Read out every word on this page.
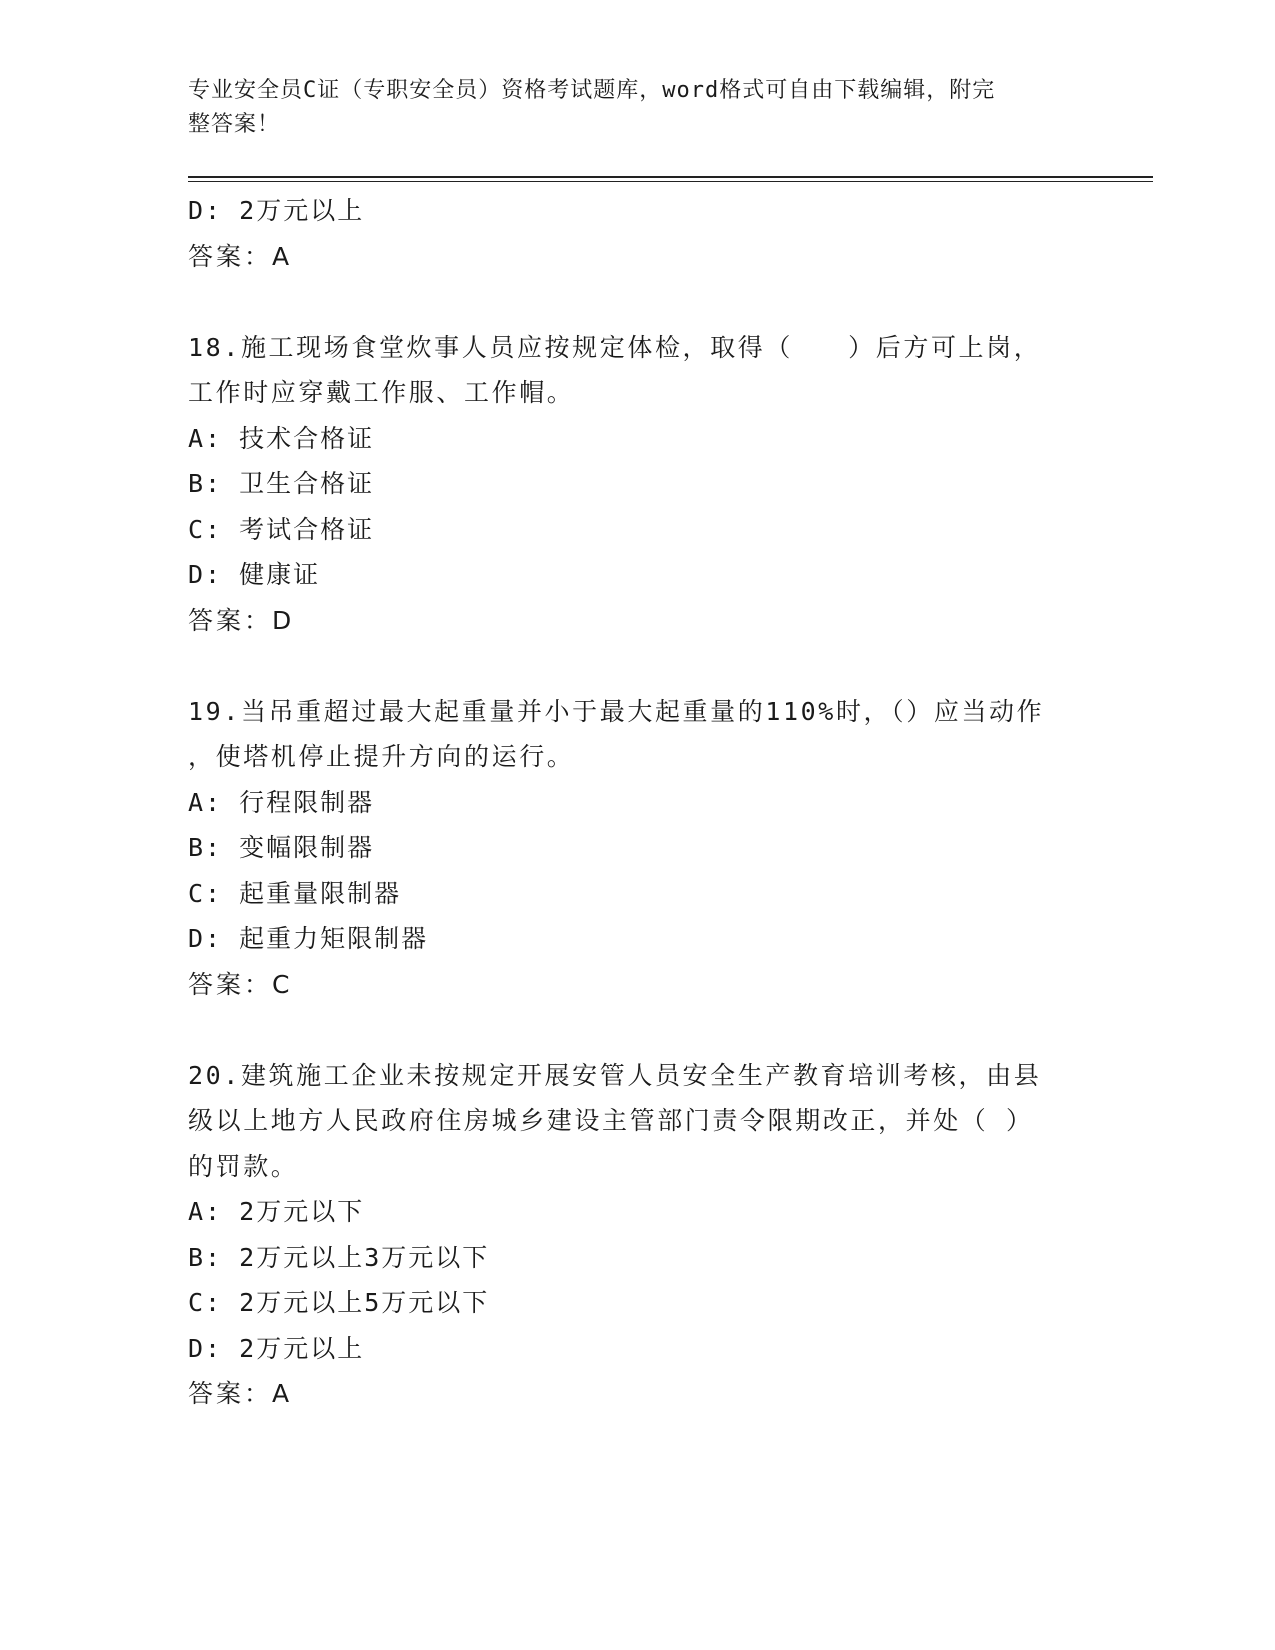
专业安全员C证（专职安全员）资格考试题库，word格式可自由下载编辑，附完
整答案！
D: 2万元以上
答案：A
18.施工现场食堂炊事人员应按规定体检，取得（　　）后方可上岗，
工作时应穿戴工作服、工作帽。
A: 技术合格证
B: 卫生合格证
C: 考试合格证
D: 健康证
答案：D
19.当吊重超过最大起重量并小于最大起重量的110%时，（）应当动作
，使塔机停止提升方向的运行。
A: 行程限制器
B: 变幅限制器
C: 起重量限制器
D: 起重力矩限制器
答案：C
20.建筑施工企业未按规定开展安管人员安全生产教育培训考核，由县
级以上地方人民政府住房城乡建设主管部门责令限期改正，并处（ ）
的罚款。
A: 2万元以下
B: 2万元以上3万元以下
C: 2万元以上5万元以下
D: 2万元以上
答案：A
